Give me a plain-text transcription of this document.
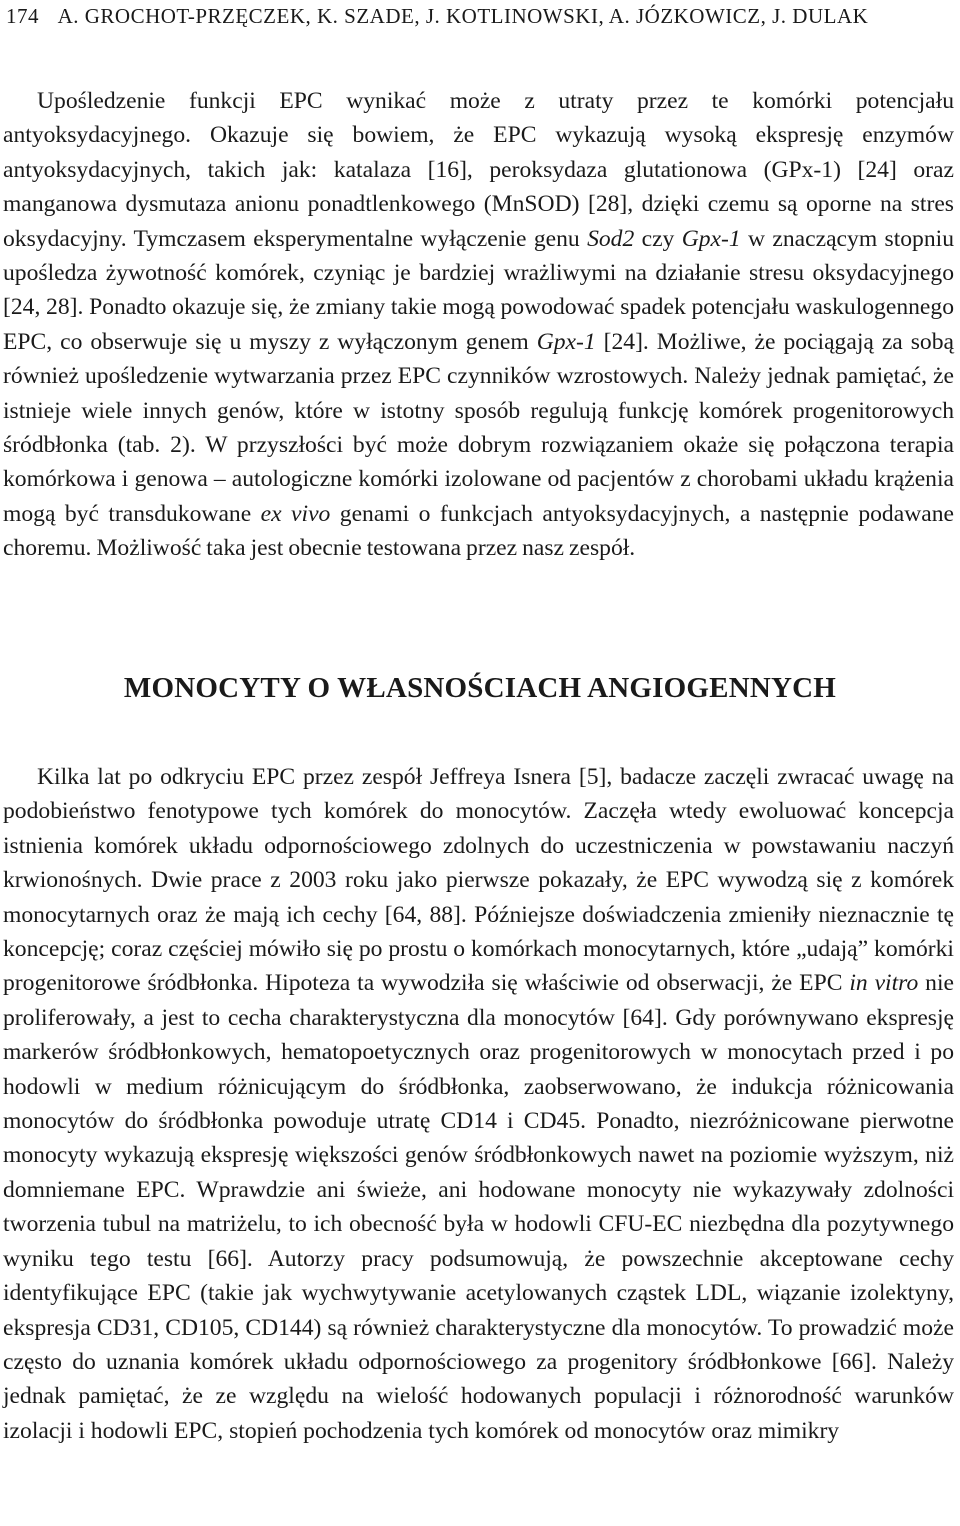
174 A. GROCHOT-PRZĘCZEK, K. SZADE, J. KOTLINOWSKI, A. JÓZKOWICZ, J. DULAK

Upośledzenie funkcji EPC wynikać może z utraty przez te komórki potencjału antyoksydacyjnego. Okazuje się bowiem, że EPC wykazują wysoką ekspresję enzymów antyoksydacyjnych, takich jak: katalaza [16], peroksydaza glutationowa (GPx-1) [24] oraz manganowa dysmutaza anionu ponadtlenkowego (MnSOD) [28], dzięki czemu są oporne na stres oksydacyjny. Tymczasem eksperymentalne wyłączenie genu Sod2 czy Gpx-1 w znaczącym stopniu upośledza żywotność komórek, czyniąc je bardziej wrażliwymi na działanie stresu oksydacyjnego [24, 28]. Ponadto okazuje się, że zmiany takie mogą powodować spadek potencjału waskulogennego EPC, co obserwuje się u myszy z wyłączonym genem Gpx-1 [24]. Możliwe, że pociągają za sobą również upośledzenie wytwarzania przez EPC czynników wzrostowych. Należy jednak pamiętać, że istnieje wiele innych genów, które w istotny sposób regulują funkcję komórek progenitorowych śródbłonka (tab. 2). W przyszłości być może dobrym rozwiązaniem okaże się połączona terapia komórkowa i genowa – autologiczne komórki izolowane od pacjentów z chorobami układu krążenia mogą być transdukowane ex vivo genami o funkcjach antyoksydacyjnych, a następnie podawane choremu. Możliwość taka jest obecnie testowana przez nasz zespół.

MONOCYTY O WŁASNOŚCIACH ANGIOGENNYCH

Kilka lat po odkryciu EPC przez zespół Jeffreya Isnera [5], badacze zaczęli zwracać uwagę na podobieństwo fenotypowe tych komórek do monocytów. Zaczęła wtedy ewoluować koncepcja istnienia komórek układu odpornościowego zdolnych do uczestniczenia w powstawaniu naczyń krwionośnych. Dwie prace z 2003 roku jako pierwsze pokazały, że EPC wywodzą się z komórek monocytarnych oraz że mają ich cechy [64, 88]. Późniejsze doświadczenia zmieniły nieznacznie tę koncepcję; coraz częściej mówiło się po prostu o komórkach monocytarnych, które „udają” komórki progenitorowe śródbłonka. Hipoteza ta wywodziła się właściwie od obserwacji, że EPC in vitro nie proliferowały, a jest to cecha charakterystyczna dla monocytów [64]. Gdy porównywano ekspresję markerów śródbłonkowych, hematopoetycznych oraz progenitorowych w monocytach przed i po hodowli w medium różnicującym do śródbłonka, zaobserwowano, że indukcja różnicowania monocytów do śródbłonka powoduje utratę CD14 i CD45. Ponadto, niezróżnicowane pierwotne monocyty wykazują ekspresję większości genów śródbłonkowych nawet na poziomie wyższym, niż domniemane EPC. Wprawdzie ani świeże, ani hodowane monocyty nie wykazywały zdolności tworzenia tubul na matriżelu, to ich obecność była w hodowli CFU-EC niezbędna dla pozytywnego wyniku tego testu [66]. Autorzy pracy podsumowują, że powszechnie akceptowane cechy identyfikujące EPC (takie jak wychwytywanie acetylowanych cząstek LDL, wiązanie izolektyny, ekspresja CD31, CD105, CD144) są również charakterystyczne dla monocytów. To prowadzić może często do uznania komórek układu odpornościowego za progenitory śródbłonkowe [66]. Należy jednak pamiętać, że ze względu na wielość hodowanych populacji i różnorodność warunków izolacji i hodowli EPC, stopień pochodzenia tych komórek od monocytów oraz mimikry
